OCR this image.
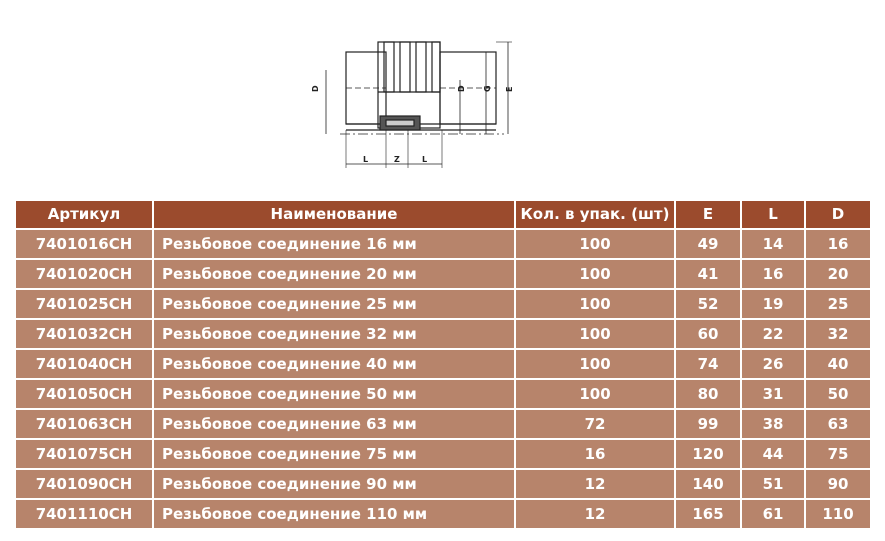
D	D G E
L	Z	L
Артикул	Наименование	Кол. в упак. (шт)	E	L	D
7401016CH	Резьбовое соединение 16 мм	100	49	14	16
7401020CH	Резьбовое соединение 20 мм	100	41	16	20
7401025CH	Резьбовое соединение 25 мм	100	52	19	25
7401032CH	Резьбовое соединение 32 мм	100	60	22	32
7401040CH	Резьбовое соединение 40 мм	100	74	26	40
7401050CH	Резьбовое соединение 50 мм	100	80	31	50
7401063CH	Резьбовое соединение 63 мм	72	99	38	63
7401075CH	Резьбовое соединение 75 мм	16	120	44	75
7401090CH	Резьбовое соединение 90 мм	12	140	51	90
7401110CH	Резьбовое соединение 110 мм	12	165	61	110
